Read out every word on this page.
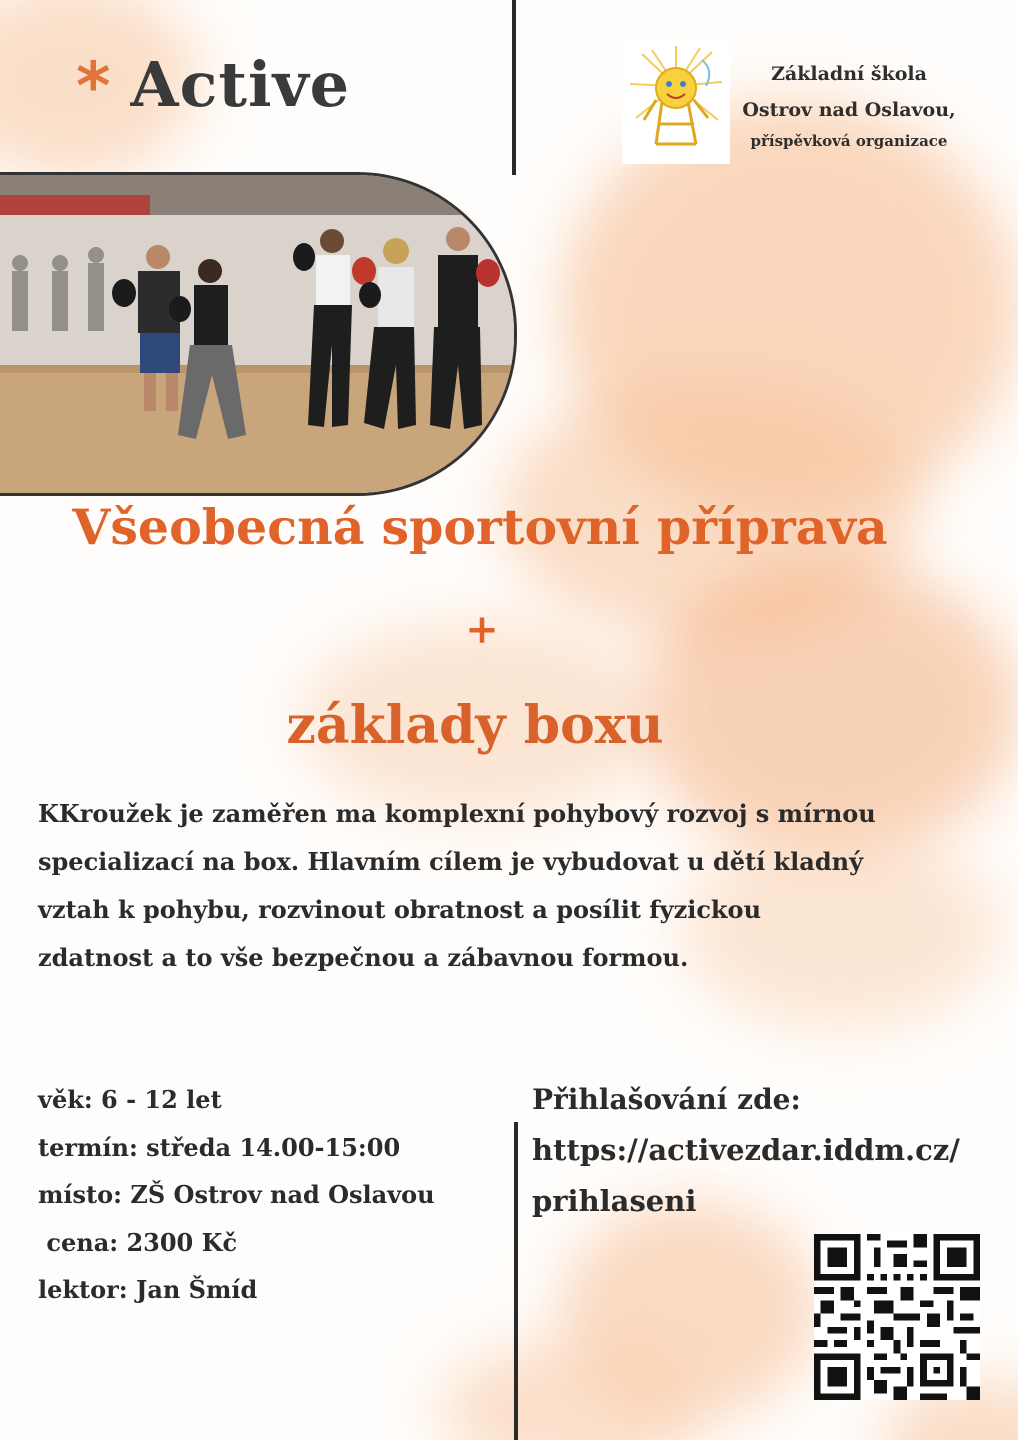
* Active	Základní škola
Ostrov nad Oslavou,
příspěvková organizace
Všeobecná sportovní příprava
+
základy boxu
KKroužek je zaměřen ma komplexní pohybový rozvoj s mírnou
specializací na box. Hlavním cílem je vybudovat u dětí kladný
vztah k pohybu, rozvinout obratnost a posílit fyzickou
zdatnost a to vše bezpečnou a zábavnou formou.
věk: 6 - 12 let
termín: středa 14.00-15:00
místo: ZŠ Ostrov nad Oslavou
cena: 2300 Kč
lektor: Jan Šmíd
Přihlašování zde:
https://activezdar.iddm.cz/
prihlaseni
